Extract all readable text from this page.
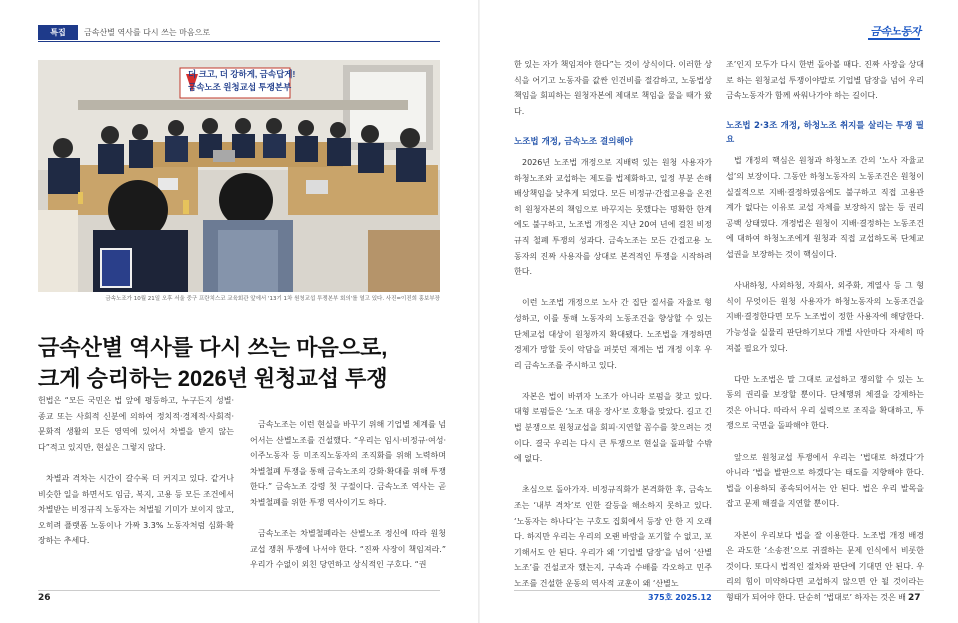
특집	금속산별 역사를 다시 쓰는 마음으로	금속노동자
더 크고, 더 강하게, 금속답게!
금속노조 원청교섭 투쟁본부
금속노조가 10월 21일 오후 서울 중구 프란치스코 교육회관 앞에서 '13기 1차 원청교섭 투쟁본부 회의'를 열고 있다. 사진=이진희 홍보부장
금속산별 역사를 다시 쓰는 마음으로,
크게 승리하는 2026년 원청교섭 투쟁

헌법은 “모든 국민은 법 앞에 평등하고, 누구든지 성별·종교 또는 사회적 신분에 의하여 정치적·경제적·사회적·문화적 생활의 모든 영역에 있어서 차별을 받지 않는다”적고 있지만, 현실은 그렇지 않다.

차별과 격차는 시간이 갈수록 더 커지고 있다. 같거나 비슷한 일을 하면서도 임금, 복지, 고용 등 모든 조건에서 차별받는 비정규직 노동자는 처벌될 기미가 보이지 않고, 오히려 플랫폼 노동이나 가짜 3.3% 노동자처럼 심화·확장하는 추세다.

금속노조는 이런 현실을 바꾸기 위해 기업별 체계를 넘어서는 산별노조를 건설했다. “우리는 임시·비정규·여성·이주노동자 등 미조직노동자의 조직화를 위해 노력하며 차별철폐 투쟁을 통해 금속노조의 강화·확대를 위해 투쟁한다.” 금속노조 강령 첫 구절이다. 금속노조 역사는 곧 차별철폐를 위한 투쟁 역사이기도 하다.

금속노조는 차별철폐라는 산별노조 정신에 따라 원청교섭 쟁취 투쟁에 나서야 한다. “진짜 사장이 책임져라.” 우리가 수없이 외친 당연하고 상식적인 구호다. “권

한 있는 자가 책임져야 한다”는 것이 상식이다. 이러한 상식을 어기고 노동자를 값싼 인건비를 절감하고, 노동법상 책임을 회피하는 원청자본에 제대로 책임을 물을 때가 왔다.

노조법 개정, 금속노조 결의해야

2026년 노조법 개정으로 지배력 있는 원청 사용자가 하청노조와 교섭하는 제도를 법제화하고, 일정 부분 손해배상책임을 낮추게 되었다. 모든 비정규·간접고용을 온전히 원청자본의 책임으로 바꾸지는 못했다는 명확한 한계에도 불구하고, 노조법 개정은 지난 20여 년에 걸친 비정규직 철폐 투쟁의 성과다. 금속노조는 모든 간접고용 노동자의 진짜 사용자를 상대로 본격적인 투쟁을 시작하려 한다.

이런 노조법 개정으로 노사 간 집단 질서를 자율로 형성하고, 이를 통해 노동자의 노동조건을 향상할 수 있는 단체교섭 대상이 원청까지 확대됐다. 노조법을 개정하면 경제가 망할 듯이 악담을 퍼붓던 재계는 법 개정 이후 우리 금속노조를 주시하고 있다.

자본은 법이 바뀌자 노조가 아니라 로펌을 찾고 있다. 대형 로펌들은 ‘노조 대응 장사’로 호황을 맞았다. 길고 긴 법 분쟁으로 원청교섭을 회피·지연할 꼼수를 찾으려는 것이다. 결국 우리는 다시 큰 투쟁으로 현실을 돌파할 수밖에 없다.

초심으로 돌아가자. 비정규직화가 본격화한 후, 금속노조는 ‘내부 격차’로 인한 갈등을 해소하지 못하고 있다. ‘노동자는 하나다’는 구호도 집회에서 등장 안 한 지 오래다. 하지만 우리는 우리의 오랜 바람을 포기할 수 없고, 포기해서도 안 된다. 우리가 왜 ‘기업별 담장’을 넘어 ‘산별노조’를 건설코자 했는지, 구속과 수배를 각오하고 민주노조를 건설한 운동의 역사적 교훈이 왜 ‘산별노

조’인지 모두가 다시 한번 돌아볼 때다. 진짜 사장을 상대로 하는 원청교섭 투쟁이야말로 기업별 담장을 넘어 우리 금속노동자가 함께 싸워나가야 하는 길이다.

노조법 2·3조 개정, 하청노조 취지를 살리는 투쟁 필요

법 개정의 핵심은 원청과 하청노조 간의 ‘노사 자율교섭’의 보장이다. 그동안 하청노동자의 노동조건은 원청이 실질적으로 지배·결정하였음에도 불구하고 직접 고용관계가 없다는 이유로 교섭 자체를 보장하지 않는 등 권리 공백 상태였다. 개정법은 원청이 지배·결정하는 노동조건에 대하여 하청노조에게 원청과 직접 교섭하도록 단체교섭권을 보장하는 것이 핵심이다.

사내하청, 사외하청, 자회사, 외주화, 계열사 등 그 형식이 무엇이든 원청 사용자가 하청노동자의 노동조건을 지배·결정한다면 모두 노조법이 정한 사용자에 해당한다. 가능성을 실물리 판단하기보다 개별 사안마다 자세히 따져볼 필요가 있다.

다만 노조법은 말 그대로 교섭하고 쟁의할 수 있는 노동의 권리를 보장할 뿐이다. 단체행위 체결을 강제하는 것은 아니다. 따라서 우리 실력으로 조직을 확대하고, 투쟁으로 국면을 돌파해야 한다.

앞으로 원청교섭 투쟁에서 우리는 ‘법대로 하겠다’가 아니라 ‘법을 발판으로 하겠다’는 태도를 지향해야 한다. 법을 이용하되 종속되어서는 안 된다. 법은 우리 발목을 잡고 문제 해결을 지연할 뿐이다.

자본이 우리보다 법을 잘 이용한다. 노조법 개정 배경은 과도한 ‘소송전’으로 귀결하는 문제 인식에서 비롯한 것이다. 또다시 법적인 절차와 판단에 기대면 안 된다. 우리의 힘이 미약하다면 교섭하지 않으면 안 될 것이라는 형태가 되어야 한다. 단순히 ‘법대로’ 하자는 것은 배

26	375호 2025.12	27
